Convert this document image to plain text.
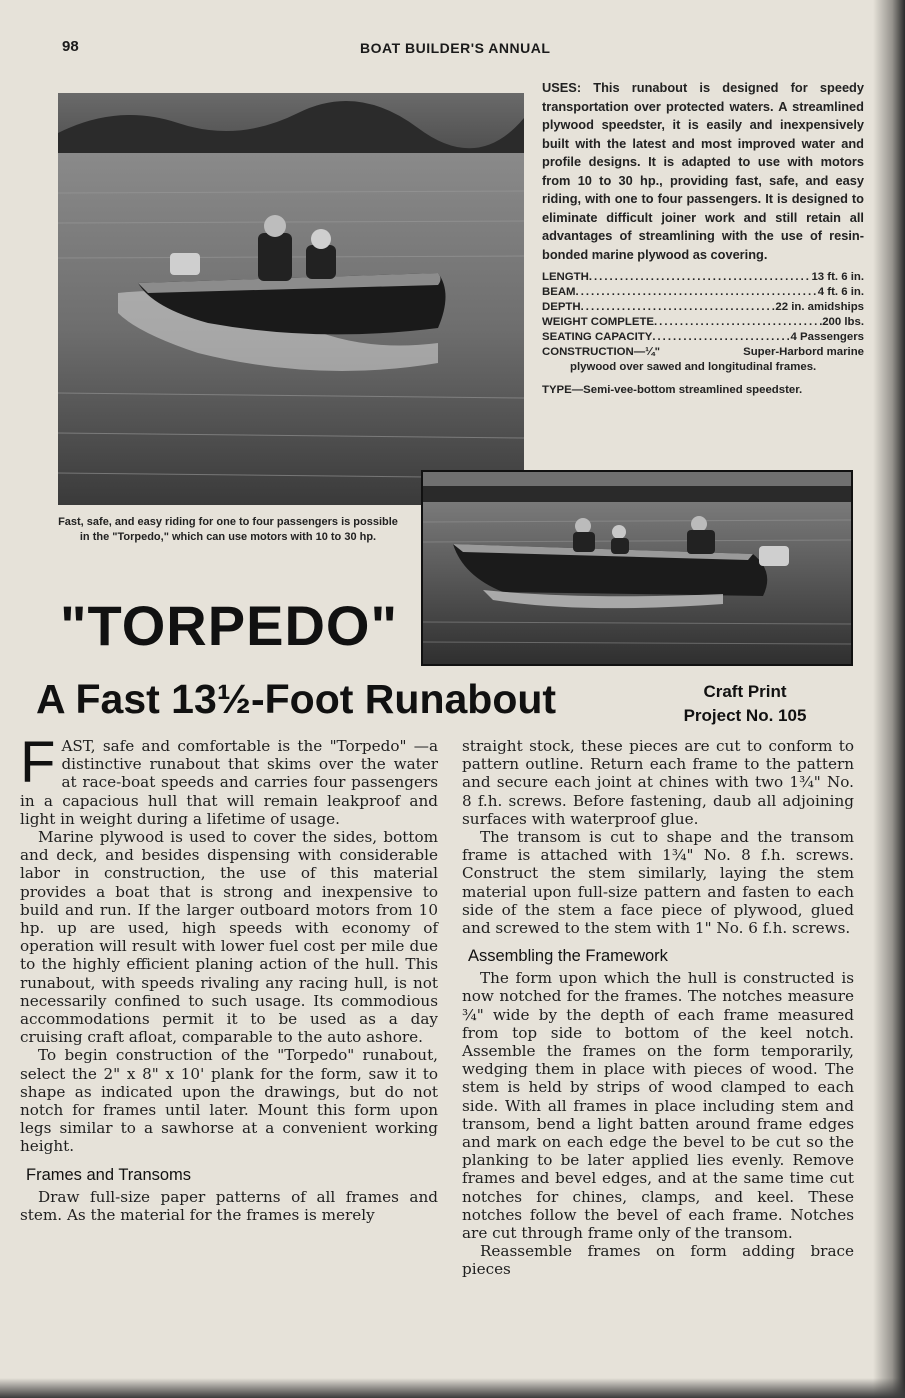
98	BOAT BUILDER'S ANNUAL

USES: This runabout is designed for speedy transportation over protected waters. A streamlined plywood speedster, it is easily and inexpensively built with the latest and most improved water and profile designs. It is adapted to use with motors from 10 to 30 hp., providing fast, safe, and easy riding, with one to four passengers. It is designed to eliminate difficult joiner work and still retain all advantages of streamlining with the use of resin-bonded marine plywood as covering.

LENGTH .....	13 ft. 6 in.
BEAM .....	4 ft. 6 in.
DEPTH .....	22 in. amidships
WEIGHT COMPLETE .....	200 lbs.
SEATING CAPACITY .....	4 Passengers
CONSTRUCTION—¼"	Super-Harbord marine
plywood over sawed and longitudinal frames.
TYPE—Semi-vee-bottom streamlined speedster.
Fast, safe, and easy riding for one to four passengers is possible in the "Torpedo," which can use motors with 10 to 30 hp.
"TORPEDO"
A Fast 13½-Foot Runabout	Craft Print
Project No. 105

FAST, safe and comfortable is the "Torpedo" —a distinctive runabout that skims over the water at race-boat speeds and carries four passengers in a capacious hull that will remain leakproof and light in weight during a lifetime of usage.

Marine plywood is used to cover the sides, bottom and deck, and besides dispensing with considerable labor in construction, the use of this material provides a boat that is strong and inexpensive to build and run. If the larger outboard motors from 10 hp. up are used, high speeds with economy of operation will result with lower fuel cost per mile due to the highly efficient planing action of the hull. This runabout, with speeds rivaling any racing hull, is not necessarily confined to such usage. Its commodious accommodations permit it to be used as a day cruising craft afloat, comparable to the auto ashore.

To begin construction of the "Torpedo" runabout, select the 2" x 8" x 10' plank for the form, saw it to shape as indicated upon the drawings, but do not notch for frames until later. Mount this form upon legs similar to a sawhorse at a convenient working height.

Frames and Transoms

Draw full-size paper patterns of all frames and stem. As the material for the frames is merely

straight stock, these pieces are cut to conform to pattern outline. Return each frame to the pattern and secure each joint at chines with two 1¾" No. 8 f.h. screws. Before fastening, daub all adjoining surfaces with waterproof glue.

The transom is cut to shape and the transom frame is attached with 1¾" No. 8 f.h. screws. Construct the stem similarly, laying the stem material upon full-size pattern and fasten to each side of the stem a face piece of plywood, glued and screwed to the stem with 1" No. 6 f.h. screws.

Assembling the Framework

The form upon which the hull is constructed is now notched for the frames. The notches measure ¾" wide by the depth of each frame measured from top side to bottom of the keel notch. Assemble the frames on the form temporarily, wedging them in place with pieces of wood. The stem is held by strips of wood clamped to each side. With all frames in place including stem and transom, bend a light batten around frame edges and mark on each edge the bevel to be cut so the planking to be later applied lies evenly. Remove frames and bevel edges, and at the same time cut notches for chines, clamps, and keel. These notches follow the bevel of each frame. Notches are cut through frame only of the transom.

Reassemble frames on form adding brace pieces
